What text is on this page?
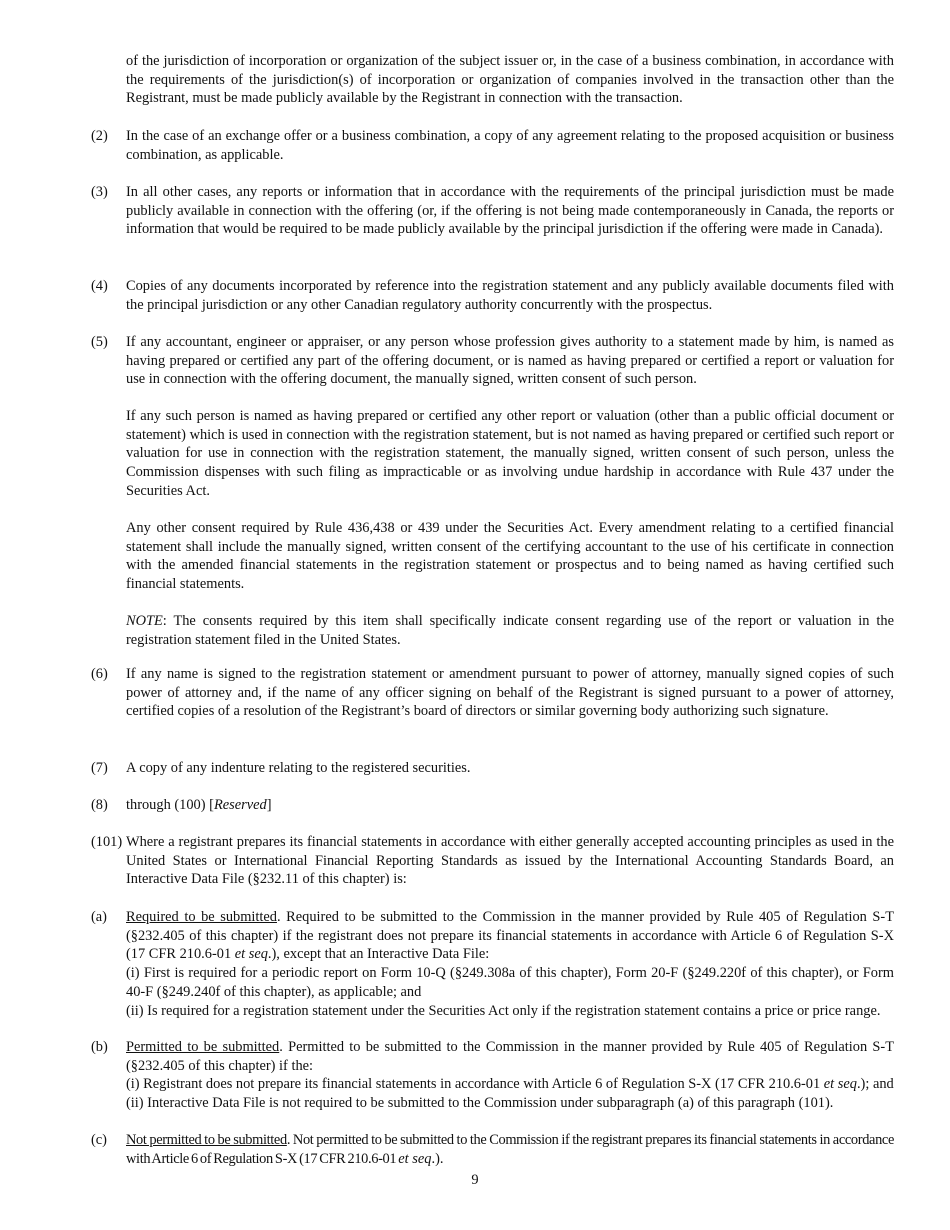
of the jurisdiction of incorporation or organization of the subject issuer or, in the case of a business combination, in accordance with the requirements of the jurisdiction(s) of incorporation or organization of companies involved in the transaction other than the Registrant, must be made publicly available by the Registrant in connection with the transaction.

(2) In the case of an exchange offer or a business combination, a copy of any agreement relating to the proposed acquisition or business combination, as applicable.
(3) In all other cases, any reports or information that in accordance with the requirements of the principal jurisdiction must be made publicly available in connection with the offering (or, if the offering is not being made contemporaneously in Canada, the reports or information that would be required to be made publicly available by the principal jurisdiction if the offering were made in Canada).
(4) Copies of any documents incorporated by reference into the registration statement and any publicly available documents filed with the principal jurisdiction or any other Canadian regulatory authority concurrently with the prospectus.
(5) If any accountant, engineer or appraiser, or any person whose profession gives authority to a statement made by him, is named as having prepared or certified any part of the offering document, or is named as having prepared or certified a report or valuation for use in connection with the offering document, the manually signed, written consent of such person.

If any such person is named as having prepared or certified any other report or valuation (other than a public official document or statement) which is used in connection with the registration statement, but is not named as having prepared or certified such report or valuation for use in connection with the registration statement, the manually signed, written consent of such person, unless the Commission dispenses with such filing as impracticable or as involving undue hardship in accordance with Rule 437 under the Securities Act.

Any other consent required by Rule 436,438 or 439 under the Securities Act. Every amendment relating to a certified financial statement shall include the manually signed, written consent of the certifying accountant to the use of his certificate in connection with the amended financial statements in the registration statement or prospectus and to being named as having certified such financial statements.

NOTE: The consents required by this item shall specifically indicate consent regarding use of the report or valuation in the registration statement filed in the United States.

(6) If any name is signed to the registration statement or amendment pursuant to power of attorney, manually signed copies of such power of attorney and, if the name of any officer signing on behalf of the Registrant is signed pursuant to a power of attorney, certified copies of a resolution of the Registrant’s board of directors or similar governing body authorizing such signature.
(7) A copy of any indenture relating to the registered securities.
(8) through (100) [Reserved]
(101) Where a registrant prepares its financial statements in accordance with either generally accepted accounting principles as used in the United States or International Financial Reporting Standards as issued by the International Accounting Standards Board, an Interactive Data File (§232.11 of this chapter) is:
(a) Required to be submitted. Required to be submitted to the Commission in the manner provided by Rule 405 of Regulation S-T (§232.405 of this chapter) if the registrant does not prepare its financial statements in accordance with Article 6 of Regulation S-X (17 CFR 210.6-01 et seq.), except that an Interactive Data File:
(i) First is required for a periodic report on Form 10-Q (§249.308a of this chapter), Form 20-F (§249.220f of this chapter), or Form 40-F (§249.240f of this chapter), as applicable; and
(ii) Is required for a registration statement under the Securities Act only if the registration statement contains a price or price range.
(b) Permitted to be submitted. Permitted to be submitted to the Commission in the manner provided by Rule 405 of Regulation S-T (§232.405 of this chapter) if the:
(i) Registrant does not prepare its financial statements in accordance with Article 6 of Regulation S-X (17 CFR 210.6-01 et seq.); and
(ii) Interactive Data File is not required to be submitted to the Commission under subparagraph (a) of this paragraph (101).
(c) Not permitted to be submitted. Not permitted to be submitted to the Commission if the registrant prepares its financial statements in accordance with Article 6 of Regulation S-X (17 CFR 210.6-01 et seq.).
9
